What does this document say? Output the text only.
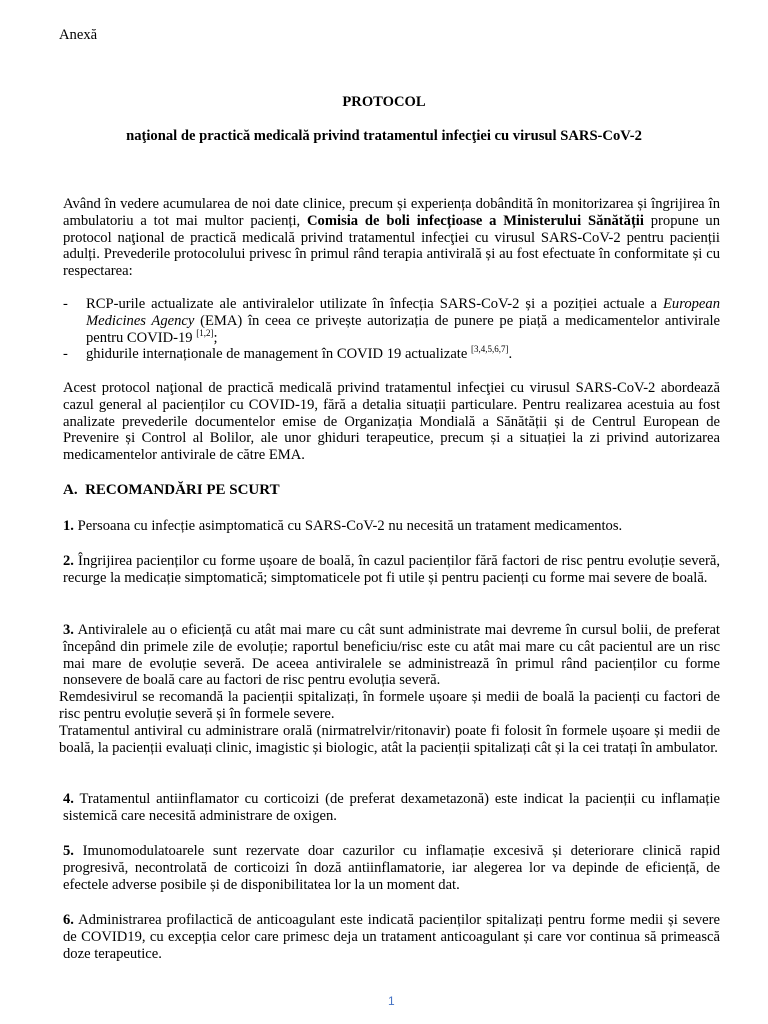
Anexă
PROTOCOL
naţional de practică medicală privind tratamentul infecţiei cu virusul SARS-CoV-2
Având în vedere acumularea de noi date clinice, precum și experiența dobândită în monitorizarea și îngrijirea în ambulatoriu a tot mai multor pacienți, Comisia de boli infecțioase a Ministerului Sănătății propune un protocol naţional de practică medicală privind tratamentul infecţiei cu virusul SARS-CoV-2 pentru pacienții adulți. Prevederile protocolului privesc în primul rând terapia antivirală și au fost efectuate în conformitate și cu respectarea:
- RCP-urile actualizate ale antiviralelor utilizate în înfecția SARS-CoV-2 și a poziției actuale a European Medicines Agency (EMA) în ceea ce privește autorizația de punere pe piață a medicamentelor antivirale pentru COVID-19 [1,2];
- ghidurile internaționale de management în COVID 19 actualizate [3,4,5,6,7].
Acest protocol naţional de practică medicală privind tratamentul infecţiei cu virusul SARS-CoV-2 abordează cazul general al pacienților cu COVID-19, fără a detalia situații particulare. Pentru realizarea acestuia au fost analizate prevederile documentelor emise de Organizația Mondială a Sănătății și de Centrul European de Prevenire și Control al Bolilor, ale unor ghiduri terapeutice, precum și a situației la zi privind autorizarea medicamentelor antivirale de către EMA.
A. RECOMANDĂRI PE SCURT
1. Persoana cu infecție asimptomatică cu SARS-CoV-2 nu necesită un tratament medicamentos.
2. Îngrijirea pacienților cu forme ușoare de boală, în cazul pacienților fără factori de risc pentru evoluție severă, recurge la medicație simptomatică; simptomaticele pot fi utile și pentru pacienți cu forme mai severe de boală.
3. Antiviralele au o eficiență cu atât mai mare cu cât sunt administrate mai devreme în cursul bolii, de preferat începând din primele zile de evoluție; raportul beneficiu/risc este cu atât mai mare cu cât pacientul are un risc mai mare de evoluție severă. De aceea antiviralele se administrează în primul rând pacienților cu forme nonsevere de boală care au factori de risc pentru evoluția severă.
Remdesivirul se recomandă la pacienții spitalizați, în formele ușoare și medii de boală la pacienți cu factori de risc pentru evoluție severă și în formele severe.
Tratamentul antiviral cu administrare orală (nirmatrelvir/ritonavir) poate fi folosit în formele ușoare și medii de boală, la pacienții evaluați clinic, imagistic și biologic, atât la pacienții spitalizați cât și la cei tratați în ambulator.
4. Tratamentul antiinflamator cu corticoizi (de preferat dexametazonă) este indicat la pacienții cu inflamație sistemică care necesită administrare de oxigen.
5. Imunomodulatoarele sunt rezervate doar cazurilor cu inflamație excesivă și deteriorare clinică rapid progresivă, necontrolată de corticoizi în doză antiinflamatorie, iar alegerea lor va depinde de eficiență, de efectele adverse posibile și de disponibilitatea lor la un moment dat.
6. Administrarea profilactică de anticoagulant este indicată pacienților spitalizați pentru forme medii și severe de COVID19, cu excepția celor care primesc deja un tratament anticoagulant și care vor continua să primească doze terapeutice.
1
